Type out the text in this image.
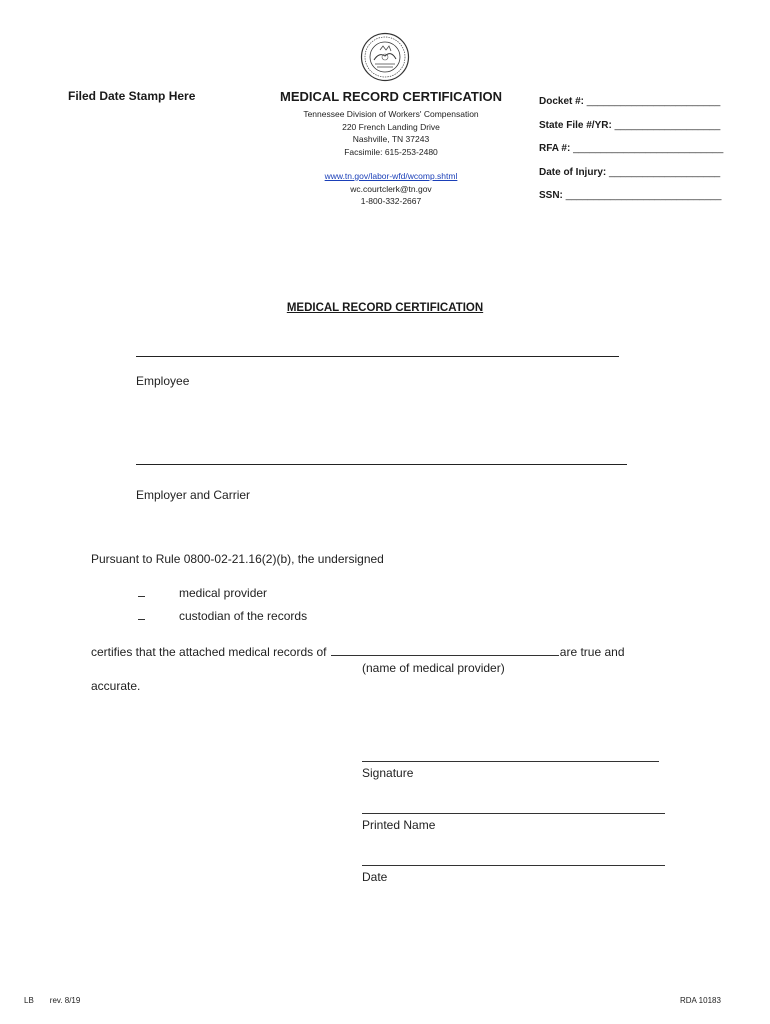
Filed Date Stamp Here	MEDICAL RECORD CERTIFICATION
Tennessee Division of Workers' Compensation
220 French Landing Drive
Nashville, TN 37243
Facsimile: 615-253-2480
www.tn.gov/labor-wfd/wcomp.shtml
wc.courtclerk@tn.gov
1-800-332-2667
Docket #: ________________________
State File #/YR: ___________________
RFA #: ___________________________
Date of Injury: ____________________
SSN: ____________________________
MEDICAL RECORD CERTIFICATION
Employee
Employer and Carrier
Pursuant to Rule 0800-02-21.16(2)(b), the undersigned
medical provider
custodian of the records
certifies that the attached medical records of	are true and
(name of medical provider)
accurate.
Signature
Printed Name
Date
LB rev. 8/19	RDA 10183
